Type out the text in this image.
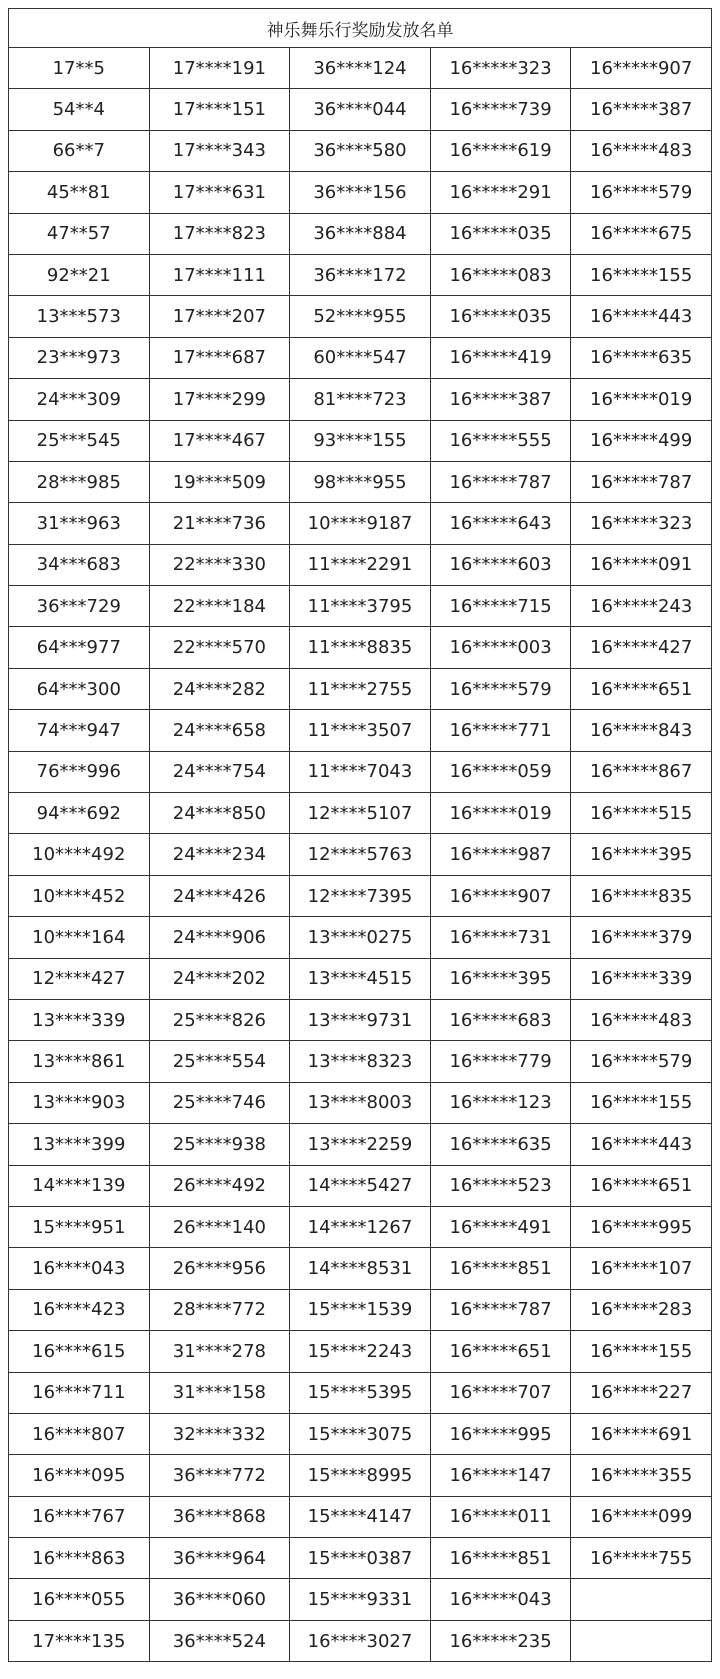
神乐舞乐行奖励发放名单				
17**5	17****191	36****124	16*****323	16*****907
54**4	17****151	36****044	16*****739	16*****387
66**7	17****343	36****580	16*****619	16*****483
45**81	17****631	36****156	16*****291	16*****579
47**57	17****823	36****884	16*****035	16*****675
92**21	17****111	36****172	16*****083	16*****155
13***573	17****207	52****955	16*****035	16*****443
23***973	17****687	60****547	16*****419	16*****635
24***309	17****299	81****723	16*****387	16*****019
25***545	17****467	93****155	16*****555	16*****499
28***985	19****509	98****955	16*****787	16*****787
31***963	21****736	10****9187	16*****643	16*****323
34***683	22****330	11****2291	16*****603	16*****091
36***729	22****184	11****3795	16*****715	16*****243
64***977	22****570	11****8835	16*****003	16*****427
64***300	24****282	11****2755	16*****579	16*****651
74***947	24****658	11****3507	16*****771	16*****843
76***996	24****754	11****7043	16*****059	16*****867
94***692	24****850	12****5107	16*****019	16*****515
10****492	24****234	12****5763	16*****987	16*****395
10****452	24****426	12****7395	16*****907	16*****835
10****164	24****906	13****0275	16*****731	16*****379
12****427	24****202	13****4515	16*****395	16*****339
13****339	25****826	13****9731	16*****683	16*****483
13****861	25****554	13****8323	16*****779	16*****579
13****903	25****746	13****8003	16*****123	16*****155
13****399	25****938	13****2259	16*****635	16*****443
14****139	26****492	14****5427	16*****523	16*****651
15****951	26****140	14****1267	16*****491	16*****995
16****043	26****956	14****8531	16*****851	16*****107
16****423	28****772	15****1539	16*****787	16*****283
16****615	31****278	15****2243	16*****651	16*****155
16****711	31****158	15****5395	16*****707	16*****227
16****807	32****332	15****3075	16*****995	16*****691
16****095	36****772	15****8995	16*****147	16*****355
16****767	36****868	15****4147	16*****011	16*****099
16****863	36****964	15****0387	16*****851	16*****755
16****055	36****060	15****9331	16*****043	
17****135	36****524	16****3027	16*****235	
